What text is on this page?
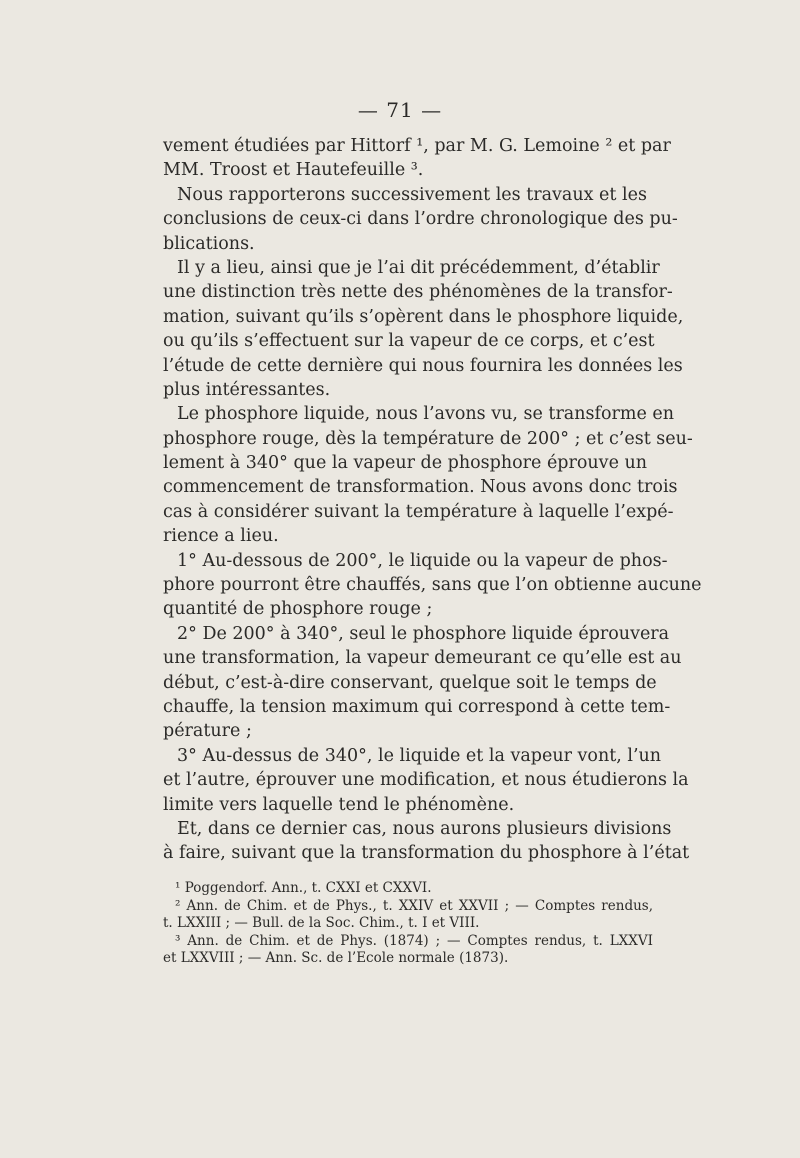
— 71 —
vement étudiées par Hittorf ¹, par M. G. Lemoine ² et par
MM. Troost et Hautefeuille ³.
Nous rapporterons successivement les travaux et les
conclusions de ceux-ci dans l’ordre chronologique des pu-
blications.
Il y a lieu, ainsi que je l’ai dit précédemment, d’établir
une distinction très nette des phénomènes de la transfor-
mation, suivant qu’ils s’opèrent dans le phosphore liquide,
ou qu’ils s’effectuent sur la vapeur de ce corps, et c’est
l’étude de cette dernière qui nous fournira les données les
plus intéressantes.
Le phosphore liquide, nous l’avons vu, se transforme en
phosphore rouge, dès la température de 200° ; et c’est seu-
lement à 340° que la vapeur de phosphore éprouve un
commencement de transformation. Nous avons donc trois
cas à considérer suivant la température à laquelle l’expé-
rience a lieu.
1° Au-dessous de 200°, le liquide ou la vapeur de phos-
phore pourront être chauffés, sans que l’on obtienne aucune
quantité de phosphore rouge ;
2° De 200° à 340°, seul le phosphore liquide éprouvera
une transformation, la vapeur demeurant ce qu’elle est au
début, c’est-à-dire conservant, quelque soit le temps de
chauffe, la tension maximum qui correspond à cette tem-
pérature ;
3° Au-dessus de 340°, le liquide et la vapeur vont, l’un
et l’autre, éprouver une modification, et nous étudierons la
limite vers laquelle tend le phénomène.
Et, dans ce dernier cas, nous aurons plusieurs divisions
à faire, suivant que la transformation du phosphore à l’état
¹ Poggendorf. Ann., t. CXXI et CXXVI.
² Ann. de Chim. et de Phys., t. XXIV et XXVII ; — Comptes rendus,
t. LXXIII ; — Bull. de la Soc. Chim., t. I et VIII.
³ Ann. de Chim. et de Phys. (1874) ; — Comptes rendus, t. LXXVI
et LXXVIII ; — Ann. Sc. de l’Ecole normale (1873).
